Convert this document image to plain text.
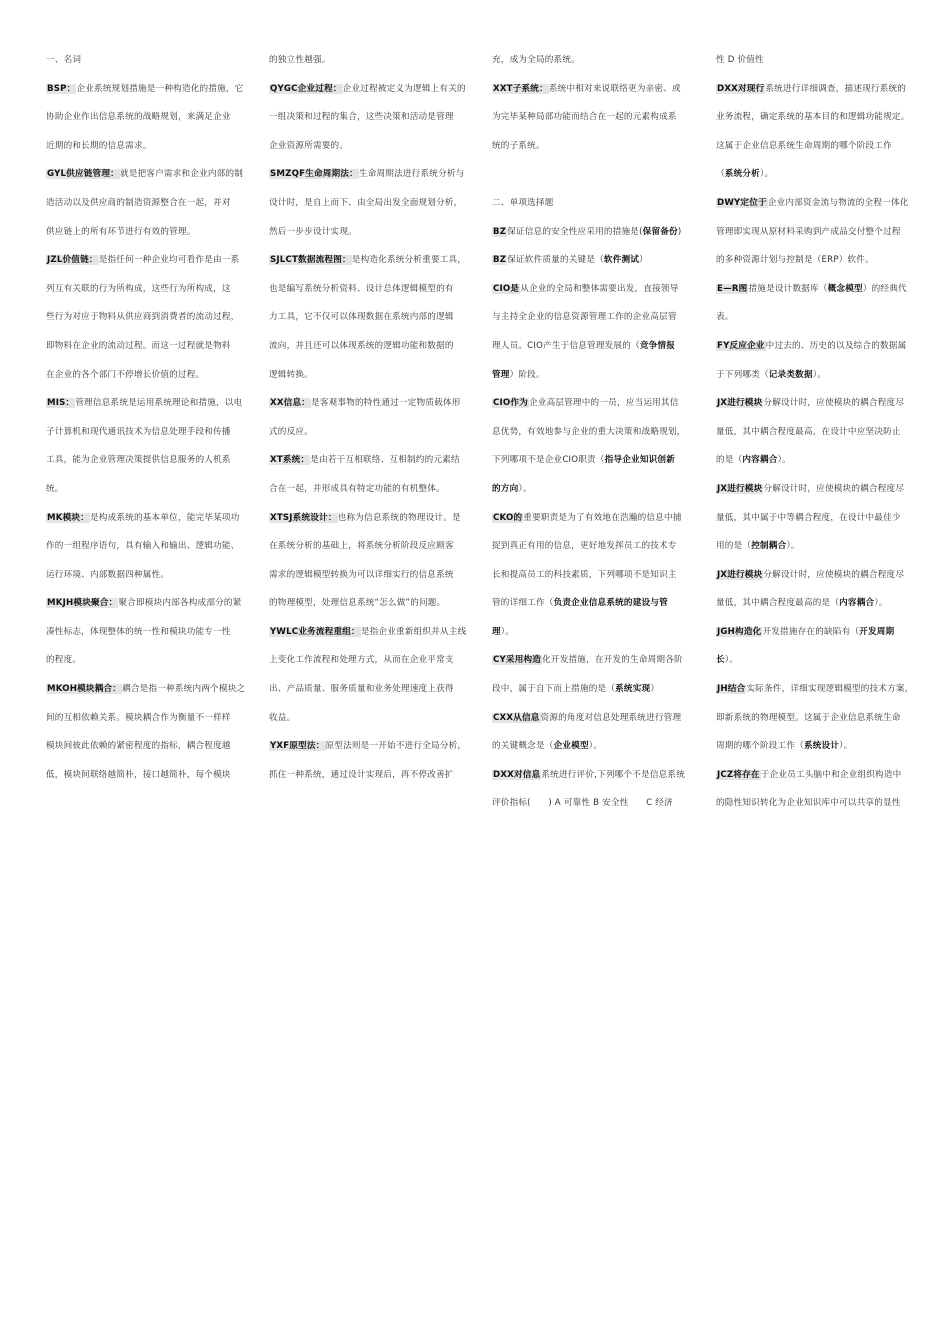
一、名词
BSP：企业系统规划措施是一种构造化的措施，它
协助企业作出信息系统的战略规划，来满足企业
近期的和长期的信息需求。
GYL供应链管理：就是把客户需求和企业内部的制
造活动以及供应商的制造资源整合在一起，并对
供应链上的所有环节进行有效的管理。
JZL价值链：是指任何一种企业均可看作是由一系
列互有关联的行为所构成，这些行为所构成，这
些行为对应于物料从供应商到消费者的流动过程，
即物料在企业的流动过程。而这一过程就是物料
在企业的各个部门不停增长价值的过程。
MIS：管理信息系统是运用系统理论和措施，以电
子计算机和现代通讯技术为信息处理手段和传播
工具，能为企业管理决策提供信息服务的人机系
统。
MK模块：是构成系统的基本单位，能完毕某项功
作的一组程序语句，具有输入和输出、逻辑功能、
运行环境、内部数据四种属性。
MKJH模块聚合：聚合即模块内部各构成部分的紧
凑性标志，体现整体的统一性和模块功能专一性
的程度。
MKOH模块耦合：耦合是指一种系统内两个模块之
间的互相依赖关系。模块耦合作为衡量不一样样
模块间彼此依赖的紧密程度的指标，耦合程度越
低，模块间联络越简朴，接口越简朴，每个模块
的独立性越强。
QYGC企业过程：企业过程被定义为逻辑上有关的
一组决策和过程的集合，这些决策和活动是管理
企业资源所需要的。
SMZQF生命周期法：生命周期法进行系统分析与
设计时，是自上而下、由全局出发全面规划分析，
然后一步步设计实现。
SJLCT数据流程图：是构造化系统分析重要工具，
也是编写系统分析资料、设计总体逻辑模型的有
力工具，它不仅可以体现数据在系统内部的逻辑
流向，并且还可以体现系统的逻辑功能和数据的
逻辑转换。
XX信息：是客观事物的特性通过一定物质载体形
式的反应。
XT系统：是由若干互相联络、互相制约的元素结
合在一起，并形成具有特定功能的有机整体。
XTSJ系统设计：也称为信息系统的物理设计。是
在系统分析的基础上，将系统分析阶段反应顾客
需求的逻辑模型转换为可以详细实行的信息系统
的物理模型，处理信息系统“怎么做”的问题。
YWLC业务流程重组：是指企业重新组织并从主线
上变化工作流程和处理方式，从而在企业平常支
出、产品质量、服务质量和业务处理速度上获得
收益。
YXF原型法：原型法则是一开始不进行全局分析，
抓住一种系统，通过设计实现后，再不停改善扩
充，成为全局的系统。
XXT子系统：系统中相对来说联络更为亲密、或
为完毕某种局部功能而结合在一起的元素构成系
统的子系统。
二、单项选择题
BZ保证信息的安全性应采用的措施是(保留备份)
BZ保证软件质量的关键是（软件测试）
CIO是从企业的全局和整体需要出发，直接领导
与主持全企业的信息资源管理工作的企业高层管
理人员。CIO产生于信息管理发展的（竞争情报
管理）阶段。
CIO作为企业高层管理中的一员，应当运用其信
息优势，有效地参与企业的重大决策和战略规划，
下列哪项不是企业CIO职责（指导企业知识创新
的方向）。
CKO的重要职责是为了有效地在浩瀚的信息中捕
捉到真正有用的信息，更好地发挥员工的技术专
长和提高员工的科技素质，下列哪项不是知识主
管的详细工作（负责企业信息系统的建设与管
理）。
CY采用构造化开发措施，在开发的生命周期各阶
段中，属于自下而上措施的是（系统实现）
CXX从信息资源的角度对信息处理系统进行管理
的关键概念是（企业模型）。
DXX对信息系统进行评价,下列哪个不是信息系统
评价指标(　　) A 可靠性 B 安全性　　C 经济
性 D 价值性
DXX对现行系统进行详细调查，描述现行系统的
业务流程，确定系统的基本目的和逻辑功能规定。
这属于企业信息系统生命周期的哪个阶段工作
（系统分析）。
DWY定位于企业内部资金流与物流的全程一体化
管理即实现从原材料采购到产成品交付整个过程
的多种资源计划与控制是（ERP）软件。
E—R图措施是设计数据库（概念模型）的经典代
表。
FY反应企业中过去的、历史的以及综合的数据属
于下列哪类（记录类数据）。
JX进行模块分解设计时，应使模块的耦合程度尽
量低，其中耦合程度最高，在设计中应坚决防止
的是（内容耦合）。
JX进行模块分解设计时，应使模块的耦合程度尽
量低，其中属于中等耦合程度，在设计中最佳少
用的是（控制耦合）。
JX进行模块分解设计时，应使模块的耦合程度尽
量低，其中耦合程度最高的是（内容耦合）。
JGH构造化开发措施存在的缺陷有（开发周期
长）。
JH结合实际条件，详细实现逻辑模型的技术方案，
即新系统的物理模型。这属于企业信息系统生命
周期的哪个阶段工作（系统设计）。
JCZ将存在于企业员工头脑中和企业组织构造中
的隐性知识转化为企业知识库中可以共享的显性
